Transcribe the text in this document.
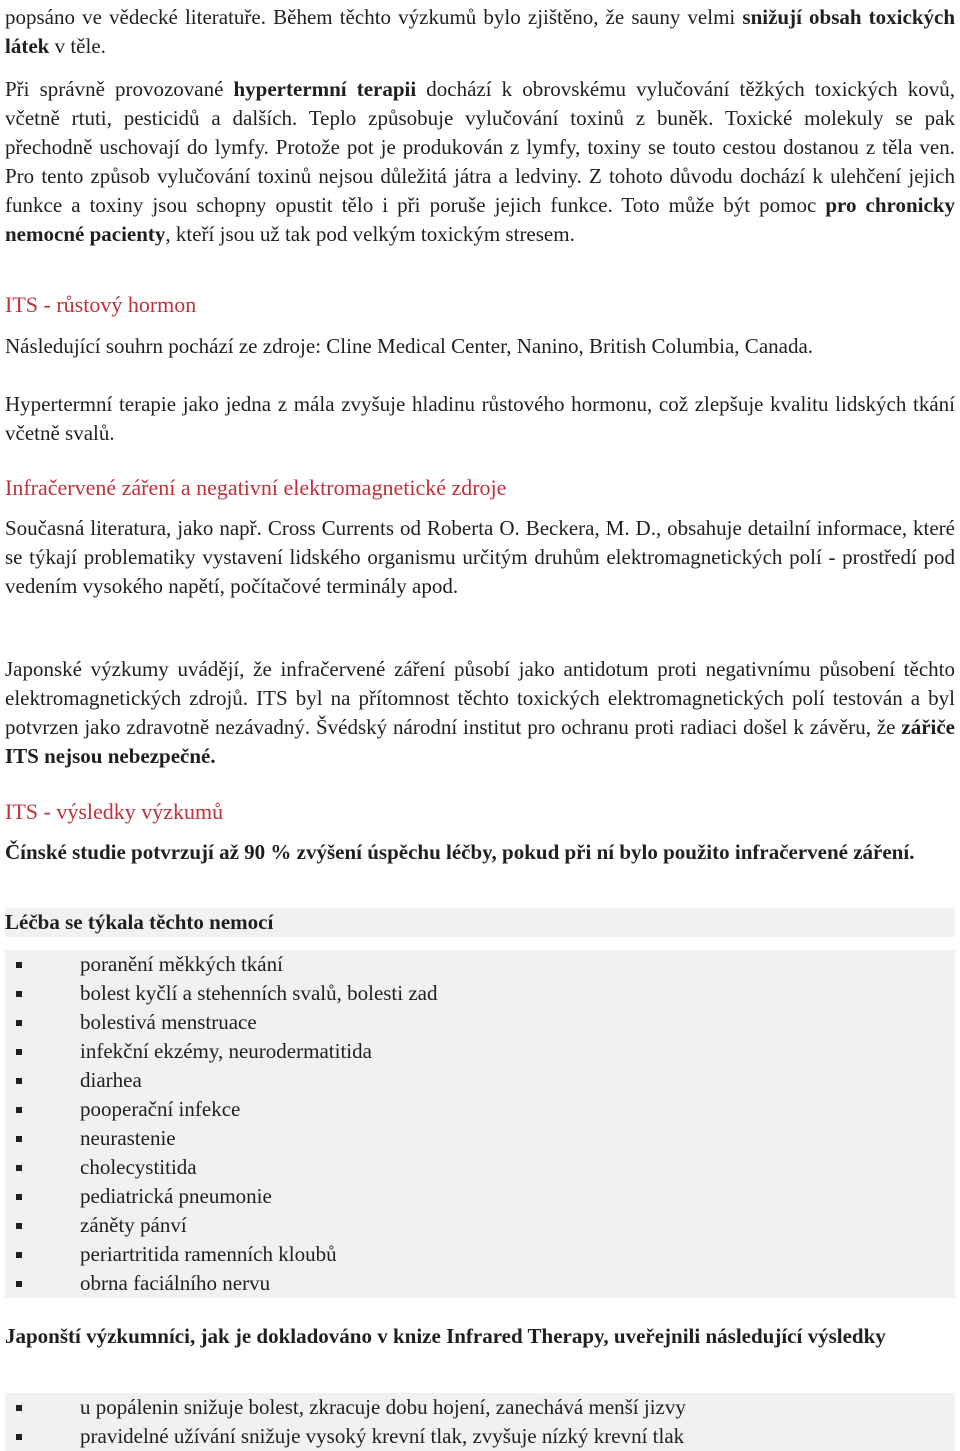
popsáno ve vědecké literatuře. Během těchto výzkumů bylo zjištěno, že sauny velmi snižují obsah toxických látek v těle.

Při správně provozované hypertermní terapii dochází k obrovskému vylučování těžkých toxických kovů, včetně rtuti, pesticidů a dalších. Teplo způsobuje vylučování toxinů z buněk. Toxické molekuly se pak přechodně uschovají do lymfy. Protože pot je produkován z lymfy, toxiny se touto cestou dostanou z těla ven. Pro tento způsob vylučování toxinů nejsou důležitá játra a ledviny. Z tohoto důvodu dochází k ulehčení jejich funkce a toxiny jsou schopny opustit tělo i při poruše jejich funkce. Toto může být pomoc pro chronicky nemocné pacienty, kteří jsou už tak pod velkým toxickým stresem.

ITS - růstový hormon

Následující souhrn pochází ze zdroje: Cline Medical Center, Nanino, British Columbia, Canada.

Hypertermní terapie jako jedna z mála zvyšuje hladinu růstového hormonu, což zlepšuje kvalitu lidských tkání včetně svalů.

Infračervené záření a negativní elektromagnetické zdroje

Současná literatura, jako např. Cross Currents od Roberta O. Beckera, M. D., obsahuje detailní informace, které se týkají problematiky vystavení lidského organismu určitým druhům elektromagnetických polí - prostředí pod vedením vysokého napětí, počítačové terminály apod.

Japonské výzkumy uvádějí, že infračervené záření působí jako antidotum proti negativnímu působení těchto elektromagnetických zdrojů. ITS byl na přítomnost těchto toxických elektromagnetických polí testován a byl potvrzen jako zdravotně nezávadný. Švédský národní institut pro ochranu proti radiaci došel k závěru, že zářiče ITS nejsou nebezpečné.

ITS - výsledky výzkumů

Čínské studie potvrzují až 90 % zvýšení úspěchu léčby, pokud při ní bylo použito infračervené záření.

Léčba se týkala těchto nemocí

poranění měkkých tkání
bolest kyčlí a stehenních svalů, bolesti zad
bolestivá menstruace
infekční ekzémy, neurodermatitida
diarhea
pooperační infekce
neurastenie
cholecystitida
pediatrická pneumonie
záněty pánví
periartritida ramenních kloubů
obrna faciálního nervu

Japonští výzkumníci, jak je dokladováno v knize Infrared Therapy, uveřejnili následující výsledky

u popálenin snižuje bolest, zkracuje dobu hojení, zanechává menší jizvy
pravidelné užívání snižuje vysoký krevní tlak, zvyšuje nízký krevní tlak
